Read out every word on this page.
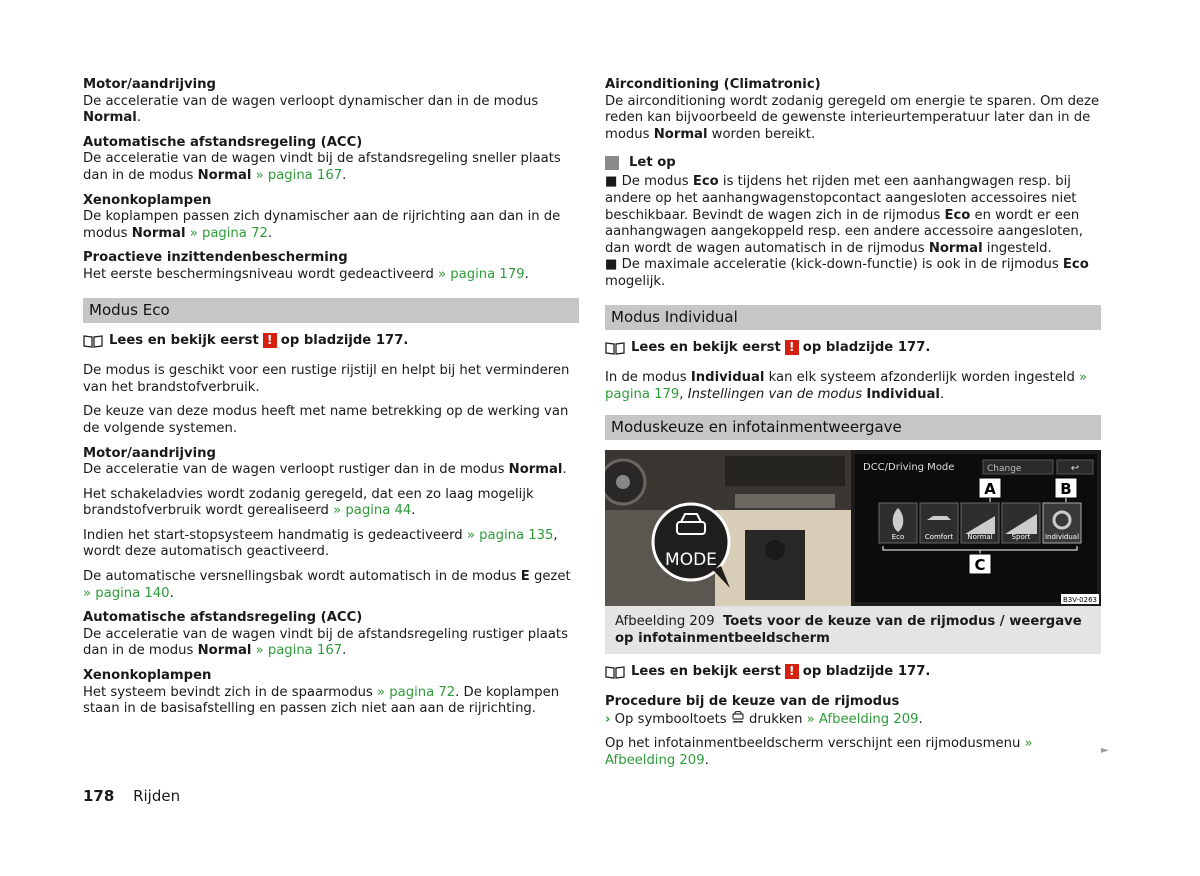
Motor/aandrijving
De acceleratie van de wagen verloopt dynamischer dan in de modus Normal.

Automatische afstandsregeling (ACC)
De acceleratie van de wagen vindt bij de afstandsregeling sneller plaats dan in de modus Normal » pagina 167.

Xenonkoplampen
De koplampen passen zich dynamischer aan de rijrichting aan dan in de modus Normal » pagina 72.

Proactieve inzittendenbescherming
Het eerste beschermingsniveau wordt gedeactiveerd » pagina 179.

Modus Eco
Lees en bekijk eerst ! op bladzijde 177.

De modus is geschikt voor een rustige rijstijl en helpt bij het verminderen van het brandstofverbruik.

De keuze van deze modus heeft met name betrekking op de werking van de volgende systemen.

Motor/aandrijving
De acceleratie van de wagen verloopt rustiger dan in de modus Normal.

Het schakeladvies wordt zodanig geregeld, dat een zo laag mogelijk brandstofverbruik wordt gerealiseerd » pagina 44.

Indien het start-stopsysteem handmatig is gedeactiveerd » pagina 135, wordt deze automatisch geactiveerd.

De automatische versnellingsbak wordt automatisch in de modus E gezet » pagina 140.

Automatische afstandsregeling (ACC)
De acceleratie van de wagen vindt bij de afstandsregeling rustiger plaats dan in de modus Normal » pagina 167.

Xenonkoplampen
Het systeem bevindt zich in de spaarmodus » pagina 72. De koplampen staan in de basisafstelling en passen zich niet aan aan de rijrichting.

Airconditioning (Climatronic)
De airconditioning wordt zodanig geregeld om energie te sparen. Om deze reden kan bijvoorbeeld de gewenste interieurtemperatuur later dan in de modus Normal worden bereikt.

Let op

■ De modus Eco is tijdens het rijden met een aanhangwagen resp. bij andere op het aanhangwagenstopcontact aangesloten accessoires niet beschikbaar. Bevindt de wagen zich in de rijmodus Eco en wordt er een aanhangwagen aangekoppeld resp. een andere accessoire aangesloten, dan wordt de wagen automatisch in de rijmodus Normal ingesteld.

■ De maximale acceleratie (kick-down-functie) is ook in de rijmodus Eco mogelijk.

Modus Individual
Lees en bekijk eerst ! op bladzijde 177.

In de modus Individual kan elk systeem afzonderlijk worden ingesteld » pagina 179, Instellingen van de modus Individual.

Moduskeuze en infotainmentweergave
MODE
DCC/Driving Mode	Change	↩
A	B
Eco	Comfort Normal	Sport Individual
C
B3V-0263
Afbeelding 209 Toets voor de keuze van de rijmodus / weergave op infotainmentbeeldscherm
Lees en bekijk eerst ! op bladzijde 177.

Procedure bij de keuze van de rijmodus
› Op symbooltoets  drukken » Afbeelding 209.

Op het infotainmentbeeldscherm verschijnt een rijmodusmenu » Afbeelding 209.

►
178 Rijden
